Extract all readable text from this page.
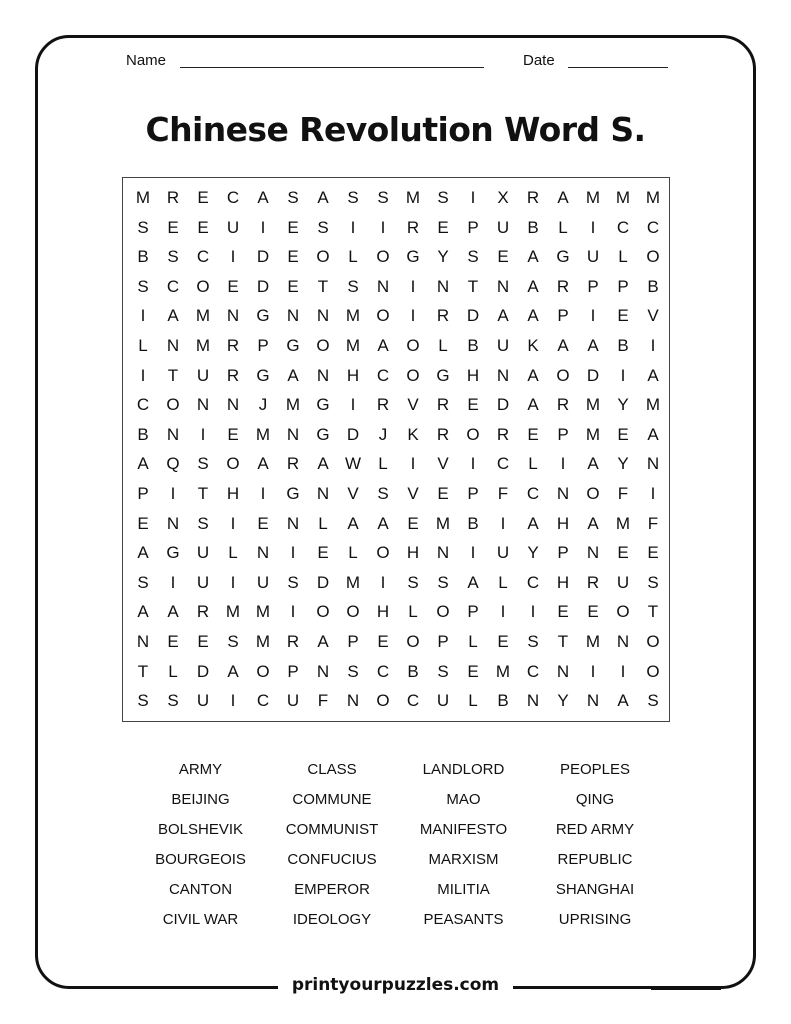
Name	Date
Chinese Revolution Word S.
M R	E	C	A	S	A	S	S	M	S	I	X	R	A	M M M
S	E	E	U	I	E	S	I	I	R	E	P	U	B	L	I	C	C
B	S	C	I	D	E	O	L	O G	Y	S	E	A	G	U	L	O
S	C	O	E	D	E	T	S	N	I	N	T	N	A	R	P	P	B
I	A	M N	G	N	N M O	I	R	D	A	A	P	I	E	V
L	N M R	P	G O M	A	O	L	B	U	K	A	A	B	I
I	T	U	R	G	A	N	H	C	O G	H	N	A	O	D	I	A
C	O	N	N	J	M G	I	R	V	R	E	D	A	R M	Y	M
B	N	I	E	M N	G	D	J	K	R	O	R	E	P	M	E	A
A	Q	S	O	A	R	A W	L	I	V	I	C	L	I	A	Y	N
P	I	T	H	I	G	N	V	S	V	E	P	F	C	N	O	F	I
E	N	S	I	E	N	L	A	A	E	M	B	I	A	H	A	M	F
A	G	U	L	N	I	E	L	O	H	N	I	U	Y	P	N	E	E
S	I	U	I	U	S	D M	I	S	S	A	L	C	H	R	U	S
A	A	R M M	I	O O	H	L	O	P	I	I	E	E	O	T
N	E	E	S	M R	A	P	E	O	P	L	E	S	T	M N	O
T	L	D	A	O	P	N	S	C	B	S	E	M C	N	I	I	O
S	S	U	I	C	U	F	N	O	C	U	L	B	N	Y	N	A	S
ARMY
BEIJING
BOLSHEVIK
BOURGEOIS
CANTON
CIVIL WAR
CLASS
COMMUNE
COMMUNIST
CONFUCIUS
EMPEROR
IDEOLOGY
LANDLORD
MAO
MANIFESTO
MARXISM
MILITIA
PEASANTS
PEOPLES
QING
RED ARMY
REPUBLIC
SHANGHAI
UPRISING
printyourpuzzles.com
